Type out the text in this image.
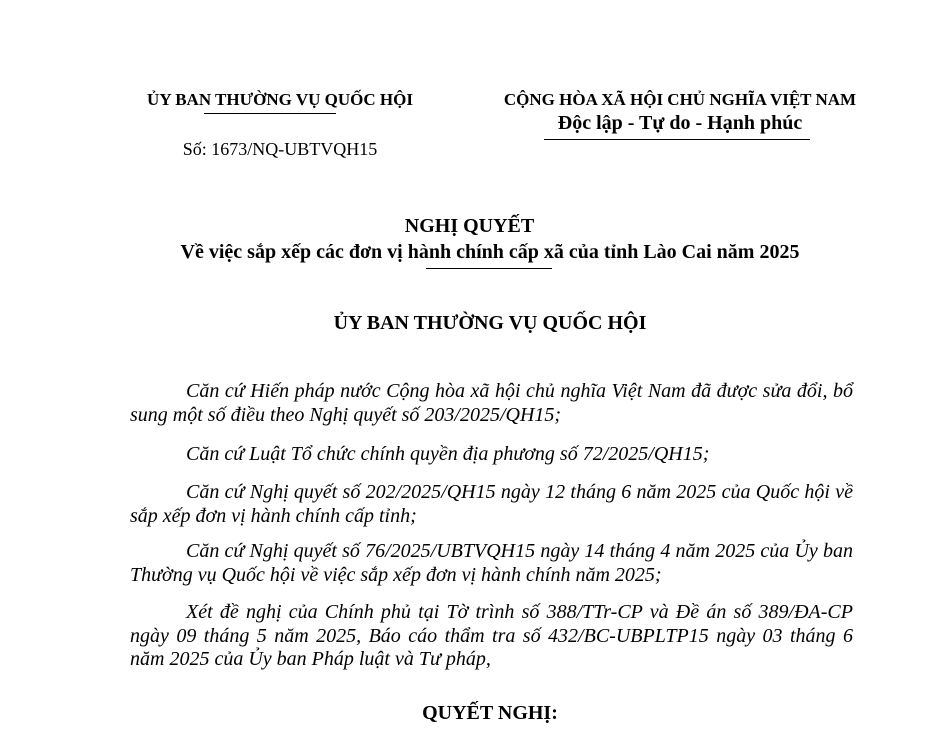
ỦY BAN THƯỜNG VỤ QUỐC HỘI
Số: 1673/NQ-UBTVQH15
CỘNG HÒA XÃ HỘI CHỦ NGHĨA VIỆT NAM
Độc lập - Tự do - Hạnh phúc
NGHỊ QUYẾT
Về việc sắp xếp các đơn vị hành chính cấp xã của tỉnh Lào Cai năm 2025
ỦY BAN THƯỜNG VỤ QUỐC HỘI
Căn cứ Hiến pháp nước Cộng hòa xã hội chủ nghĩa Việt Nam đã được sửa đổi, bổ sung một số điều theo Nghị quyết số 203/2025/QH15;
Căn cứ Luật Tổ chức chính quyền địa phương số 72/2025/QH15;
Căn cứ Nghị quyết số 202/2025/QH15 ngày 12 tháng 6 năm 2025 của Quốc hội về sắp xếp đơn vị hành chính cấp tỉnh;
Căn cứ Nghị quyết số 76/2025/UBTVQH15 ngày 14 tháng 4 năm 2025 của Ủy ban Thường vụ Quốc hội về việc sắp xếp đơn vị hành chính năm 2025;
Xét đề nghị của Chính phủ tại Tờ trình số 388/TTr-CP và Đề án số 389/ĐA-CP ngày 09 tháng 5 năm 2025, Báo cáo thẩm tra số 432/BC-UBPLTP15 ngày 03 tháng 6 năm 2025 của Ủy ban Pháp luật và Tư pháp,
QUYẾT NGHỊ:
